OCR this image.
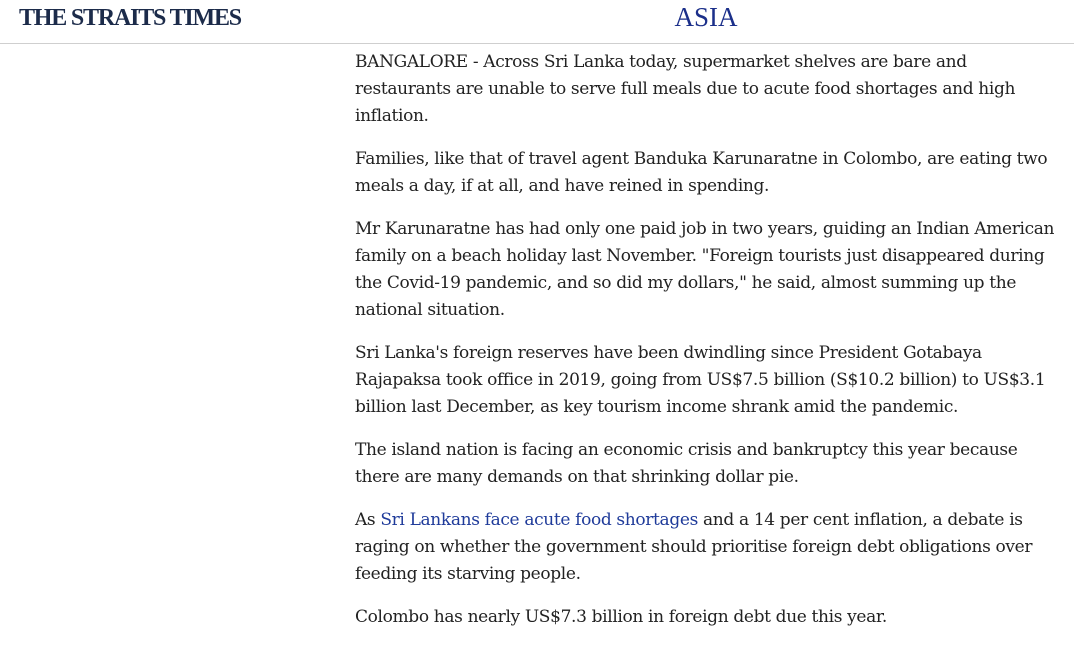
THE STRAITS TIMES	ASIA

BANGALORE - Across Sri Lanka today, supermarket shelves are bare and restaurants are unable to serve full meals due to acute food shortages and high inflation.

Families, like that of travel agent Banduka Karunaratne in Colombo, are eating two meals a day, if at all, and have reined in spending.

Mr Karunaratne has had only one paid job in two years, guiding an Indian American family on a beach holiday last November. "Foreign tourists just disappeared during the Covid-19 pandemic, and so did my dollars," he said, almost summing up the national situation.

Sri Lanka's foreign reserves have been dwindling since President Gotabaya Rajapaksa took office in 2019, going from US$7.5 billion (S$10.2 billion) to US$3.1 billion last December, as key tourism income shrank amid the pandemic.

The island nation is facing an economic crisis and bankruptcy this year because there are many demands on that shrinking dollar pie.

As Sri Lankans face acute food shortages and a 14 per cent inflation, a debate is raging on whether the government should prioritise foreign debt obligations over feeding its starving people.

Colombo has nearly US$7.3 billion in foreign debt due this year.
